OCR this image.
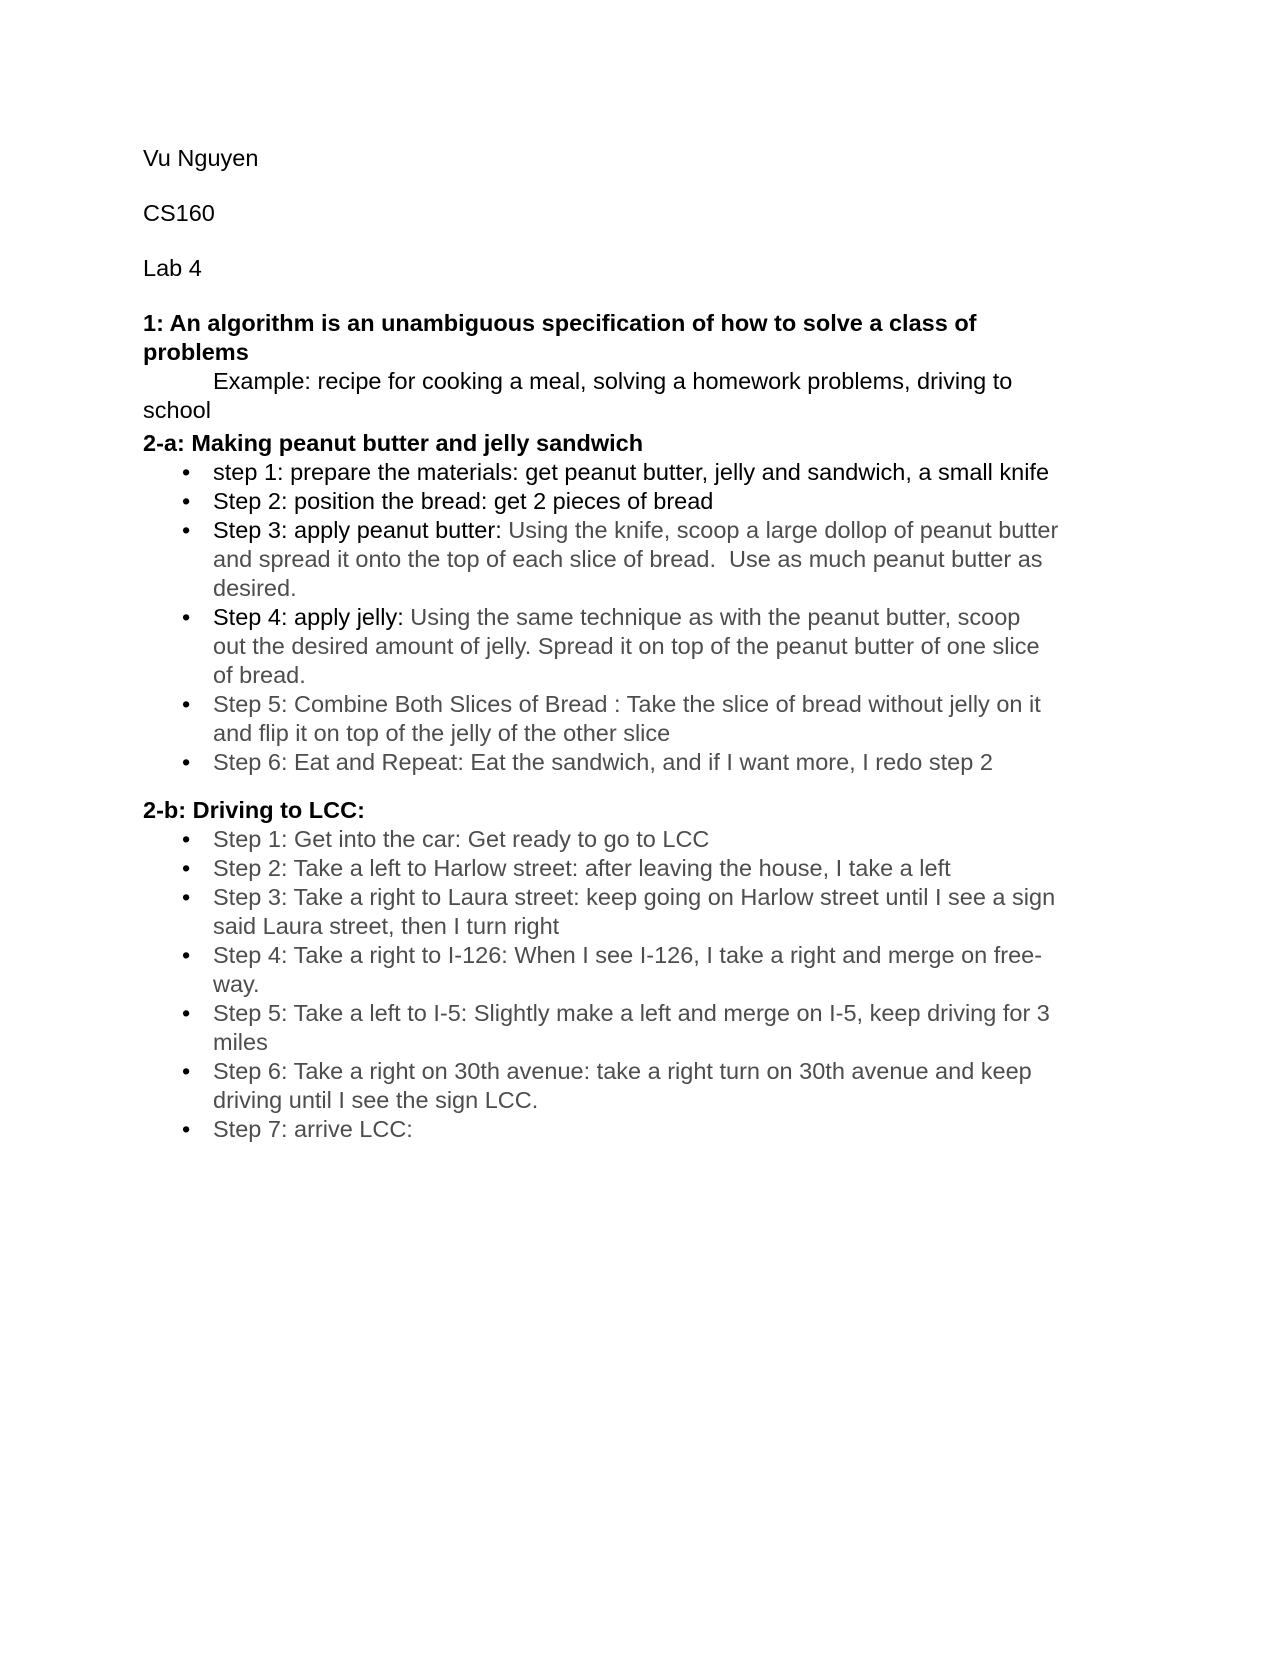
Vu Nguyen

CS160

Lab 4

1: An algorithm is an unambiguous specification of how to solve a class of problems

Example: recipe for cooking a meal, solving a homework problems, driving to school

2-a: Making peanut butter and jelly sandwich

• step 1: prepare the materials: get peanut butter, jelly and sandwich, a small knife
• Step 2: position the bread: get 2 pieces of bread
• Step 3: apply peanut butter: Using the knife, scoop a large dollop of peanut butter and spread it onto the top of each slice of bread.  Use as much peanut butter as desired.
• Step 4: apply jelly: Using the same technique as with the peanut butter, scoop out the desired amount of jelly. Spread it on top of the peanut butter of one slice of bread.
• Step 5: Combine Both Slices of Bread : Take the slice of bread without jelly on it and flip it on top of the jelly of the other slice
• Step 6: Eat and Repeat: Eat the sandwich, and if I want more, I redo step 2

2-b: Driving to LCC:

• Step 1: Get into the car: Get ready to go to LCC
• Step 2: Take a left to Harlow street: after leaving the house, I take a left
• Step 3: Take a right to Laura street: keep going on Harlow street until I see a sign said Laura street, then I turn right
• Step 4: Take a right to I-126: When I see I-126, I take a right and merge on free-way.
• Step 5: Take a left to I-5: Slightly make a left and merge on I-5, keep driving for 3 miles
• Step 6: Take a right on 30th avenue: take a right turn on 30th avenue and keep driving until I see the sign LCC.
• Step 7: arrive LCC:
